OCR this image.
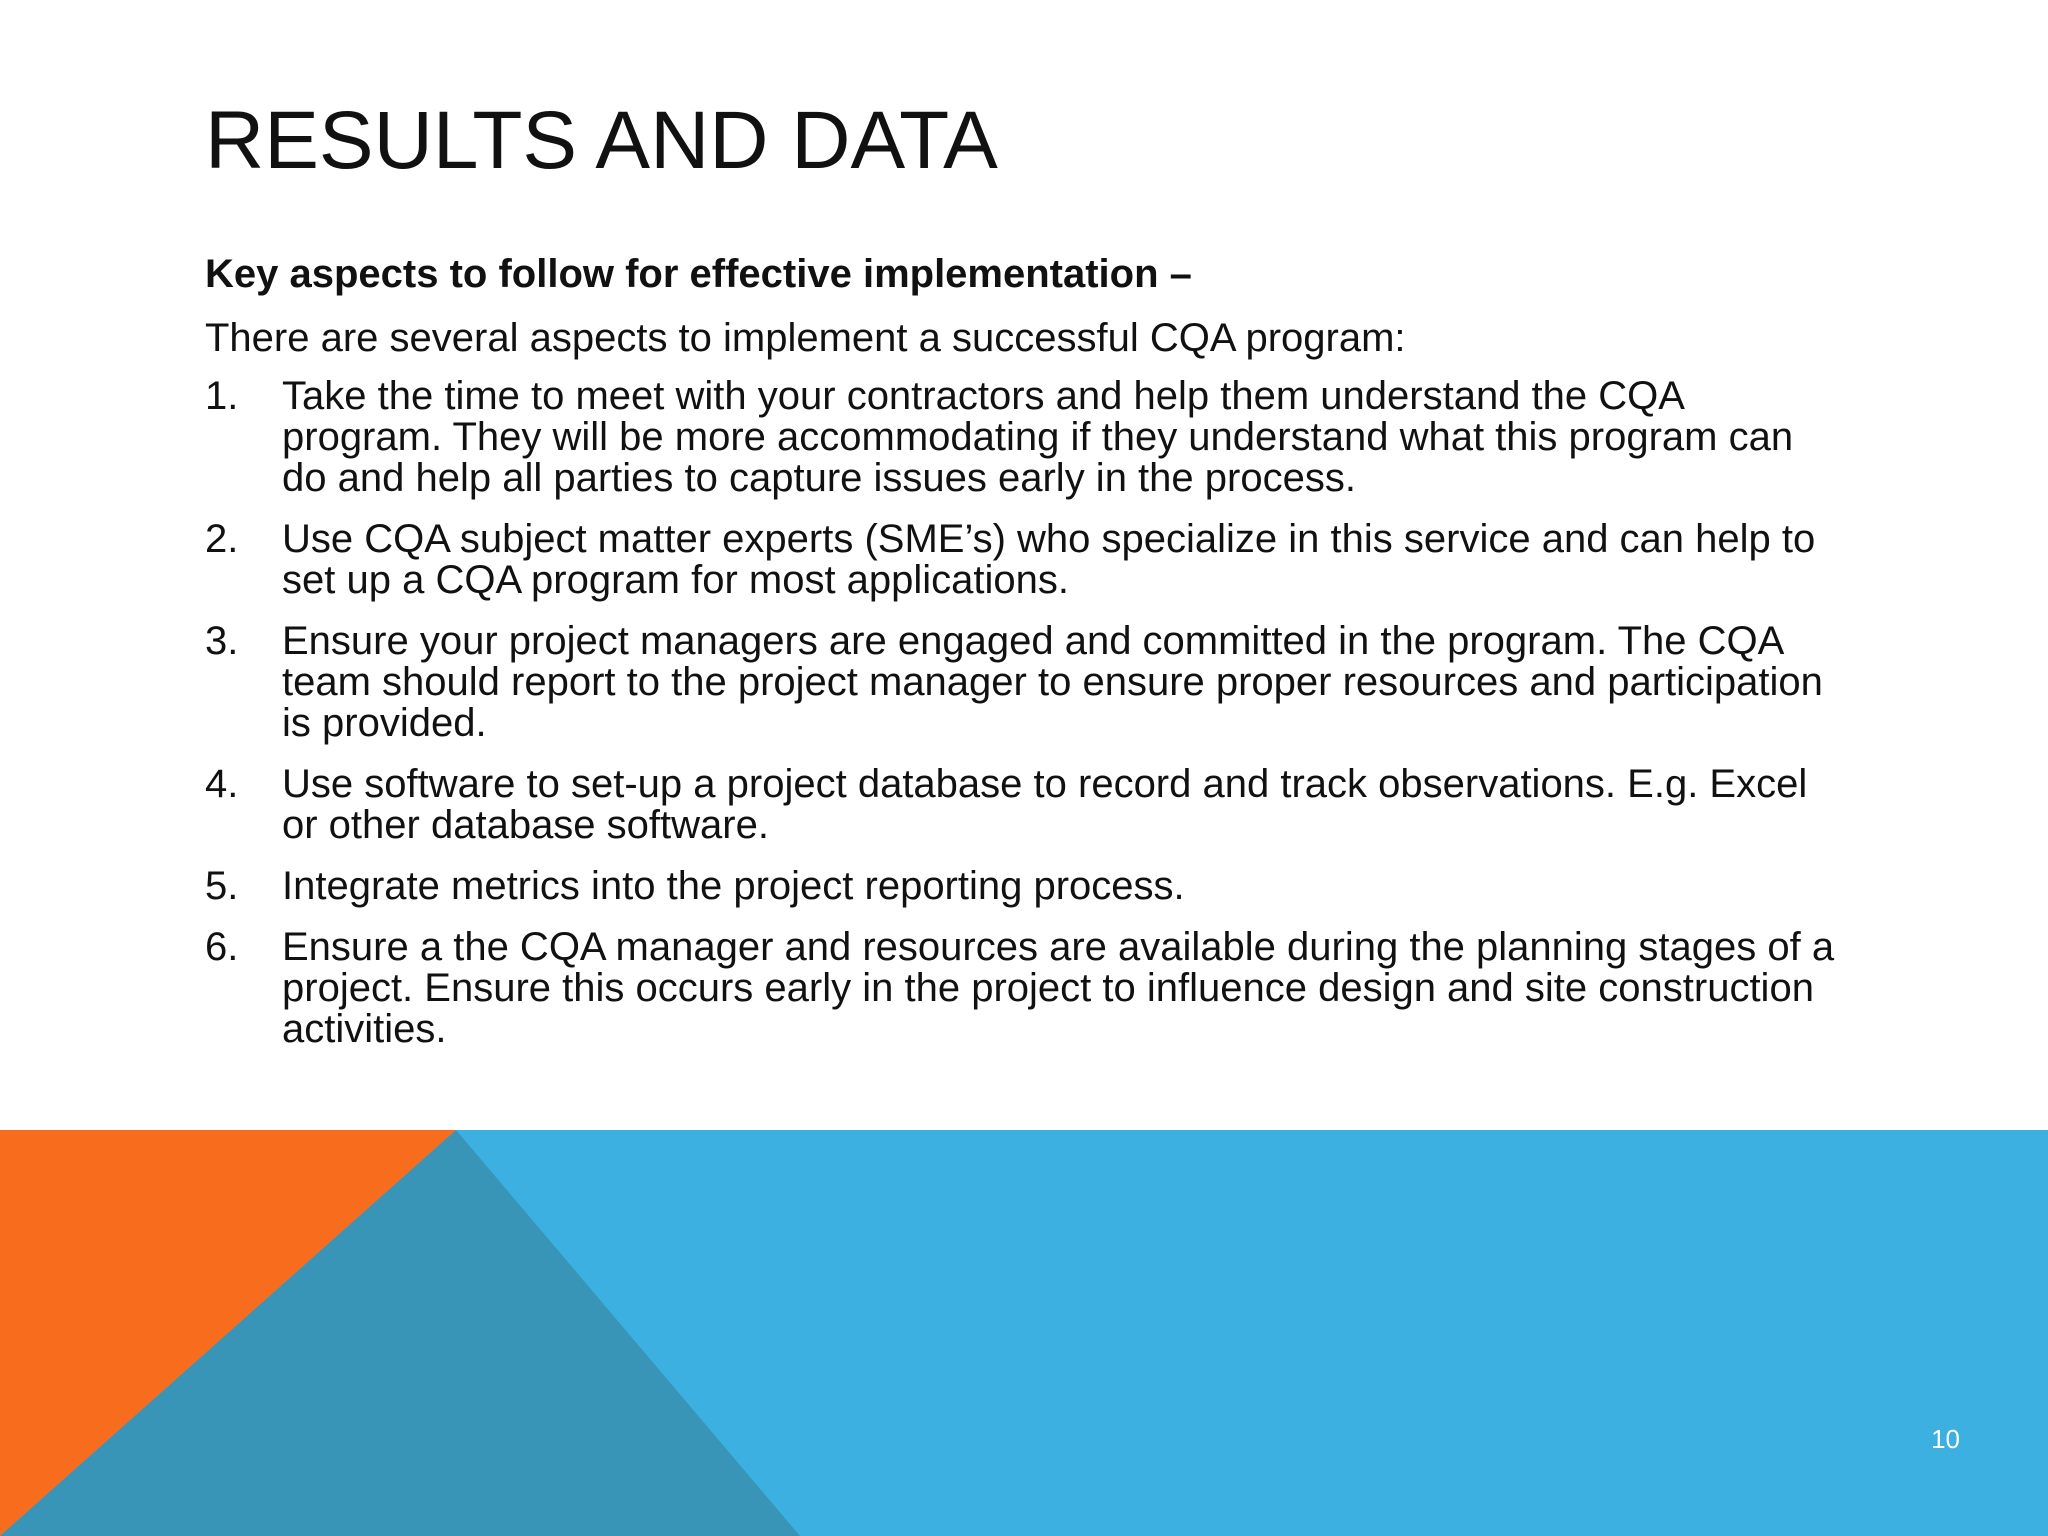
RESULTS AND DATA

Key aspects to follow for effective implementation –

There are several aspects to implement a successful CQA program:

1. Take the time to meet with your contractors and help them understand the CQA program. They will be more accommodating if they understand what this program can do and help all parties to capture issues early in the process.
2. Use CQA subject matter experts (SME’s) who specialize in this service and can help to set up a CQA program for most applications.
3. Ensure your project managers are engaged and committed in the program. The CQA team should report to the project manager to ensure proper resources and participation is provided.
4. Use software to set-up a project database to record and track observations. E.g. Excel or other database software.
5. Integrate metrics into the project reporting process.
6. Ensure a the CQA manager and resources are available during the planning stages of a project. Ensure this occurs early in the project to influence design and site construction activities.
10
